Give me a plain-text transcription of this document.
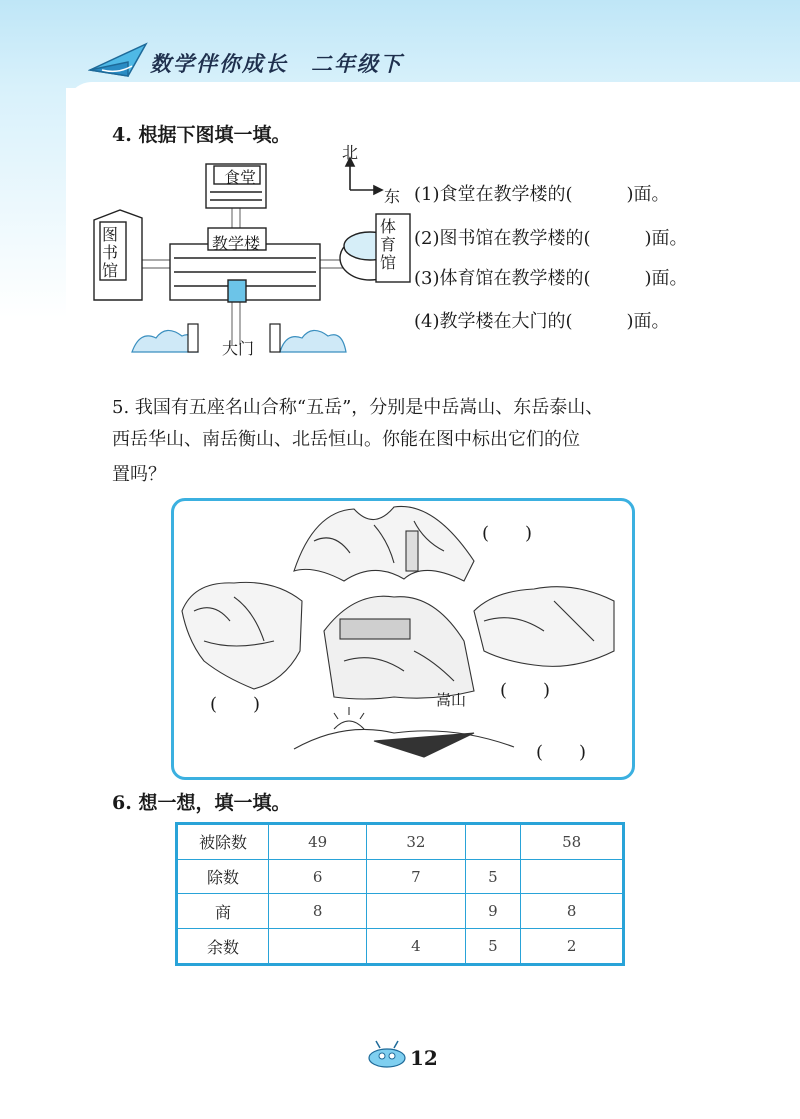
数学伴你成长　二年级下
4. 根据下图填一填。
食堂
教学楼
图书馆
体育馆
大门
北
东 (1)食堂在教学楼的(	)面。
(2)图书馆在教学楼的(	)面。
(3)体育馆在教学楼的(	)面。
(4)教学楼在大门的(	)面。
5. 我国有五座名山合称“五岳”，分别是中岳嵩山、东岳泰山、
西岳华山、南岳衡山、北岳恒山。你能在图中标出它们的位
置吗？
(　　)
(　　)
(　　)
(　　)
嵩山
6. 想一想，填一填。
被除数	49	32		58
除数	6	7	5	
商	8		9	8
余数		4	5	2
12
